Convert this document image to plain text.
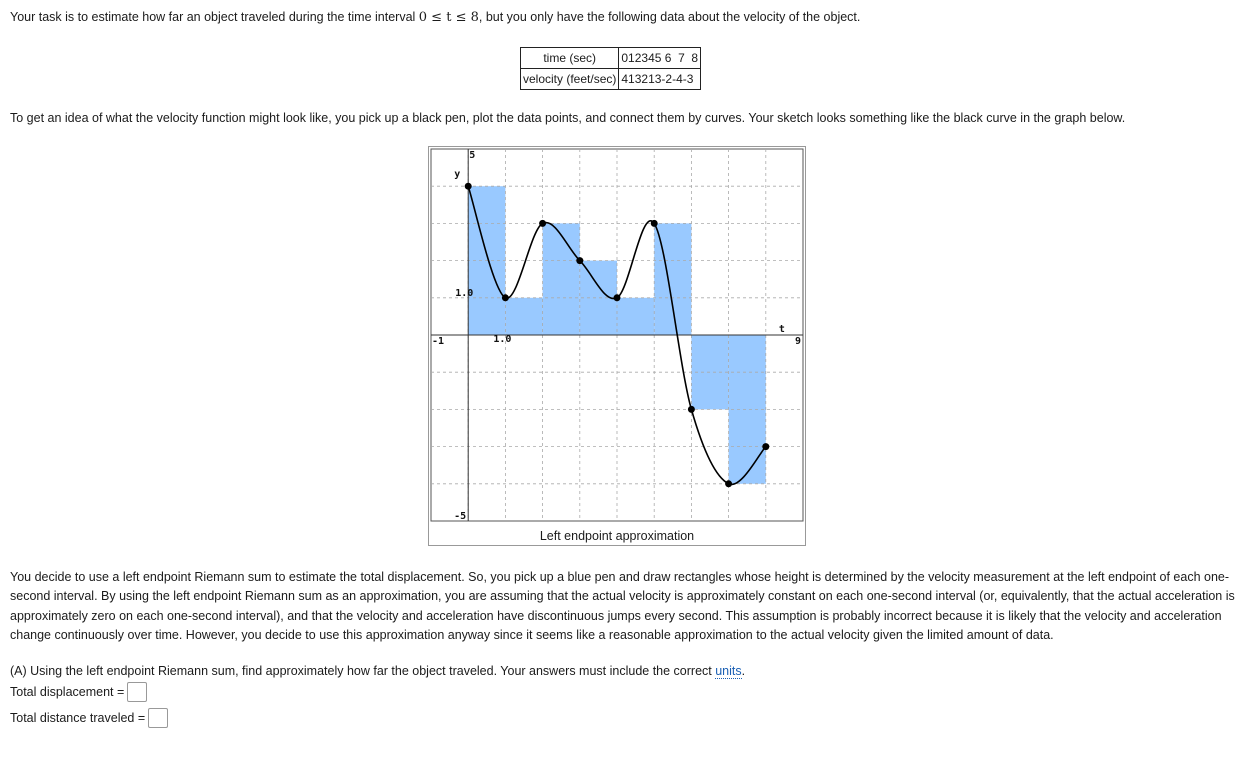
Your task is to estimate how far an object traveled during the time interval 0 ≤ t ≤ 8, but you only have the following data about the velocity of the object.
time (sec)	012345 6  7  8
velocity (feet/sec)	413213-2-4-3
To get an idea of what the velocity function might look like, you pick up a black pen, plot the data points, and connect them by curves. Your sketch looks something like the black curve in the graph below.
-1	9
1.0
1.0
5
-5
y
t
Left endpoint approximation
You decide to use a left endpoint Riemann sum to estimate the total displacement. So, you pick up a blue pen and draw rectangles whose height is determined by the velocity measurement at the left endpoint of each one-second interval. By using the left endpoint Riemann sum as an approximation, you are assuming that the actual velocity is approximately constant on each one-second interval (or, equivalently, that the actual acceleration is approximately zero on each one-second interval), and that the velocity and acceleration have discontinuous jumps every second. This assumption is probably incorrect because it is likely that the velocity and acceleration change continuously over time. However, you decide to use this approximation anyway since it seems like a reasonable approximation to the actual velocity given the limited amount of data.
(A) Using the left endpoint Riemann sum, find approximately how far the object traveled. Your answers must include the correct units.
Total displacement =
Total distance traveled =
